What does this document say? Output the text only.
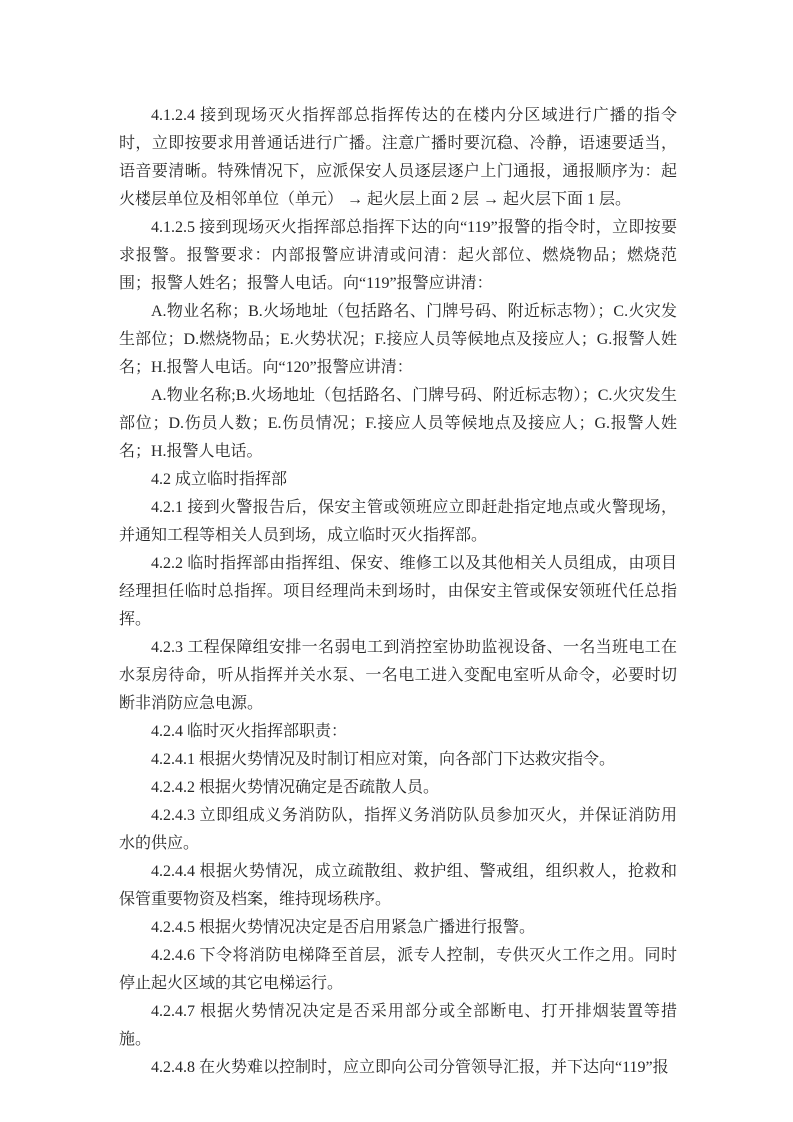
4.1.2.4 接到现场灭火指挥部总指挥传达的在楼内分区域进行广播的指令时，立即按要求用普通话进行广播。注意广播时要沉稳、冷静，语速要适当，语音要清晰。特殊情况下，应派保安人员逐层逐户上门通报，通报顺序为：起火楼层单位及相邻单位（单元） → 起火层上面 2 层 → 起火层下面 1 层。

4.1.2.5 接到现场灭火指挥部总指挥下达的向“119”报警的指令时，立即按要求报警。报警要求：内部报警应讲清或问清：起火部位、燃烧物品；燃烧范围；报警人姓名；报警人电话。向“119”报警应讲清：

A.物业名称；B.火场地址（包括路名、门牌号码、附近标志物）；C.火灾发生部位；D.燃烧物品；E.火势状况；F.接应人员等候地点及接应人；G.报警人姓名；H.报警人电话。向“120”报警应讲清：

A.物业名称;B.火场地址（包括路名、门牌号码、附近标志物）；C.火灾发生部位；D.伤员人数；E.伤员情况；F.接应人员等候地点及接应人；G.报警人姓名；H.报警人电话。

4.2 成立临时指挥部

4.2.1 接到火警报告后，保安主管或领班应立即赶赴指定地点或火警现场，并通知工程等相关人员到场，成立临时灭火指挥部。

4.2.2 临时指挥部由指挥组、保安、维修工以及其他相关人员组成，由项目经理担任临时总指挥。项目经理尚未到场时，由保安主管或保安领班代任总指挥。

4.2.3 工程保障组安排一名弱电工到消控室协助监视设备、一名当班电工在水泵房待命，听从指挥并关水泵、一名电工进入变配电室听从命令，必要时切断非消防应急电源。

4.2.4 临时灭火指挥部职责：

4.2.4.1 根据火势情况及时制订相应对策，向各部门下达救灾指令。

4.2.4.2 根据火势情况确定是否疏散人员。

4.2.4.3 立即组成义务消防队，指挥义务消防队员参加灭火，并保证消防用水的供应。

4.2.4.4 根据火势情况，成立疏散组、救护组、警戒组，组织救人，抢救和保管重要物资及档案，维持现场秩序。

4.2.4.5 根据火势情况决定是否启用紧急广播进行报警。

4.2.4.6 下令将消防电梯降至首层，派专人控制，专供灭火工作之用。同时停止起火区域的其它电梯运行。

4.2.4.7 根据火势情况决定是否采用部分或全部断电、打开排烟装置等措施。

4.2.4.8 在火势难以控制时，应立即向公司分管领导汇报，并下达向“119”报
